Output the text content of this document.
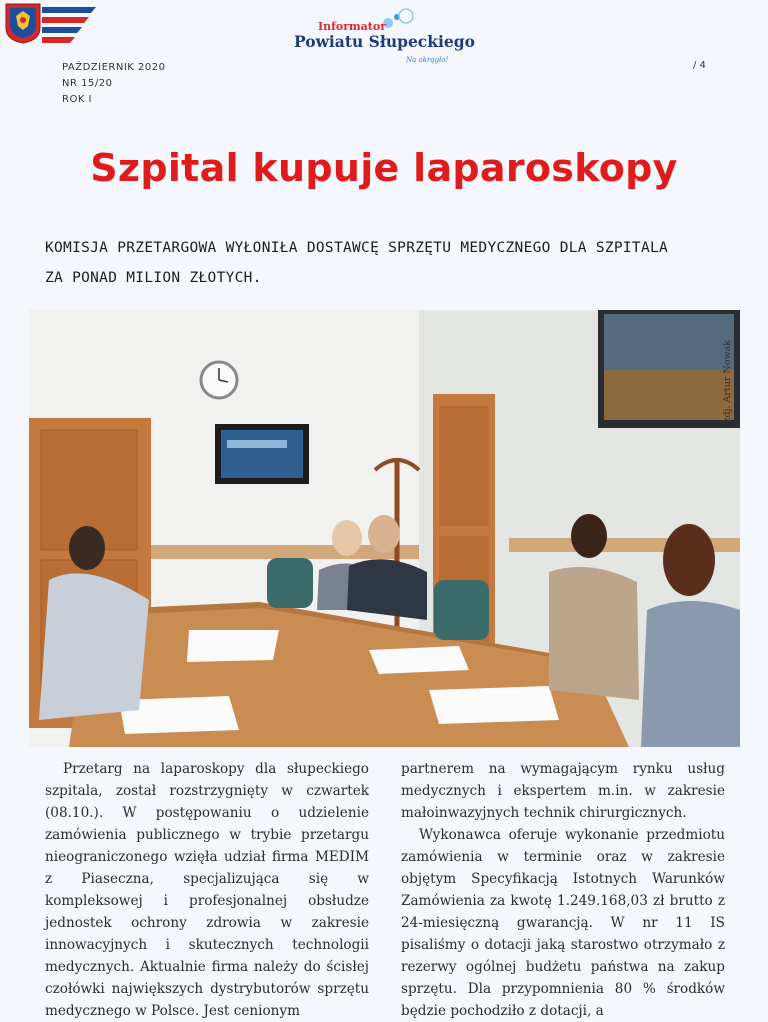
Informator
Powiatu Słupeckiego
Na okrągło!
PAŹDZIERNIK 2020
NR 15/20
ROK I
/ 4
Szpital kupuje laparoskopy
KOMISJA PRZETARGOWA WYŁONIŁA DOSTAWCĘ SPRZĘTU MEDYCZNEGO DLA SZPITALA
ZA PONAD MILION ZŁOTYCH.
zdj. Artur Nowak

Przetarg na laparoskopy dla słupeckiego szpitala, został rozstrzygnięty w czwartek (08.10.). W postępowaniu o udzielenie zamówienia publicznego w trybie przetargu nieograniczonego wzięła udział firma MEDIM z Piaseczna, specjalizująca się w kompleksowej i profesjonalnej obsłudze jednostek ochrony zdrowia w zakresie innowacyjnych i skutecznych technologii medycznych. Aktualnie firma należy do ścisłej czołówki największych dystrybutorów sprzętu medycznego w Polsce. Jest cenionym

partnerem na wymagającym rynku usług medycznych i ekspertem m.in. w zakresie małoinwazyjnych technik chirurgicznych.

Wykonawca oferuje wykonanie przedmiotu zamówienia w terminie oraz w zakresie objętym Specyfikacją Istotnych Warunków Zamówienia za kwotę 1.249.168,03 zł brutto z 24-miesięczną gwarancją. W nr 11 IS pisaliśmy o dotacji jaką starostwo otrzymało z rezerwy ogólnej budżetu państwa na zakup sprzętu. Dla przypomnienia 80 % środków będzie pochodziło z dotacji, a
